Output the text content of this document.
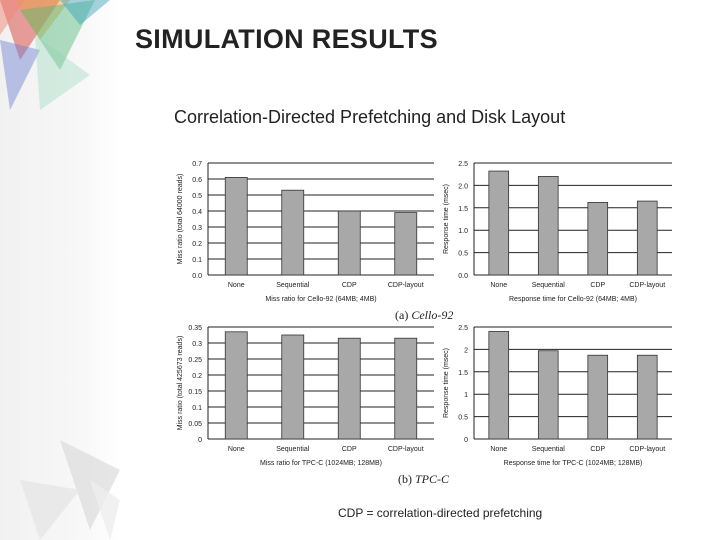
SIMULATION RESULTS
Correlation-Directed Prefetching and Disk Layout
0.0
0.1
0.2
0.3
0.4
0.5
0.6
0.7
None	Sequential	CDP	CDP-layout
Miss ratio for Cello-92 (64MB; 4MB)
Miss ratio (total 64000 reads)
0.0
0.5
1.0
1.5
2.0
2.5
None	Sequential	CDP	CDP-layout
Response time for Cello-92 (64MB; 4MB)
Response time (msec)
0
0.05
0.1
0.15
0.2
0.25
0.3
0.35
None	Sequential	CDP	CDP-layout
Miss ratio for TPC-C (1024MB; 128MB)
Miss ratio (total 425673 reads)
0
0.5
1
1.5
2
2.5
None	Sequential	CDP	CDP-layout
Response time for TPC-C (1024MB; 128MB)
Response time (msec)
(a) Cello-92
(b) TPC-C
CDP = correlation-directed prefetching
